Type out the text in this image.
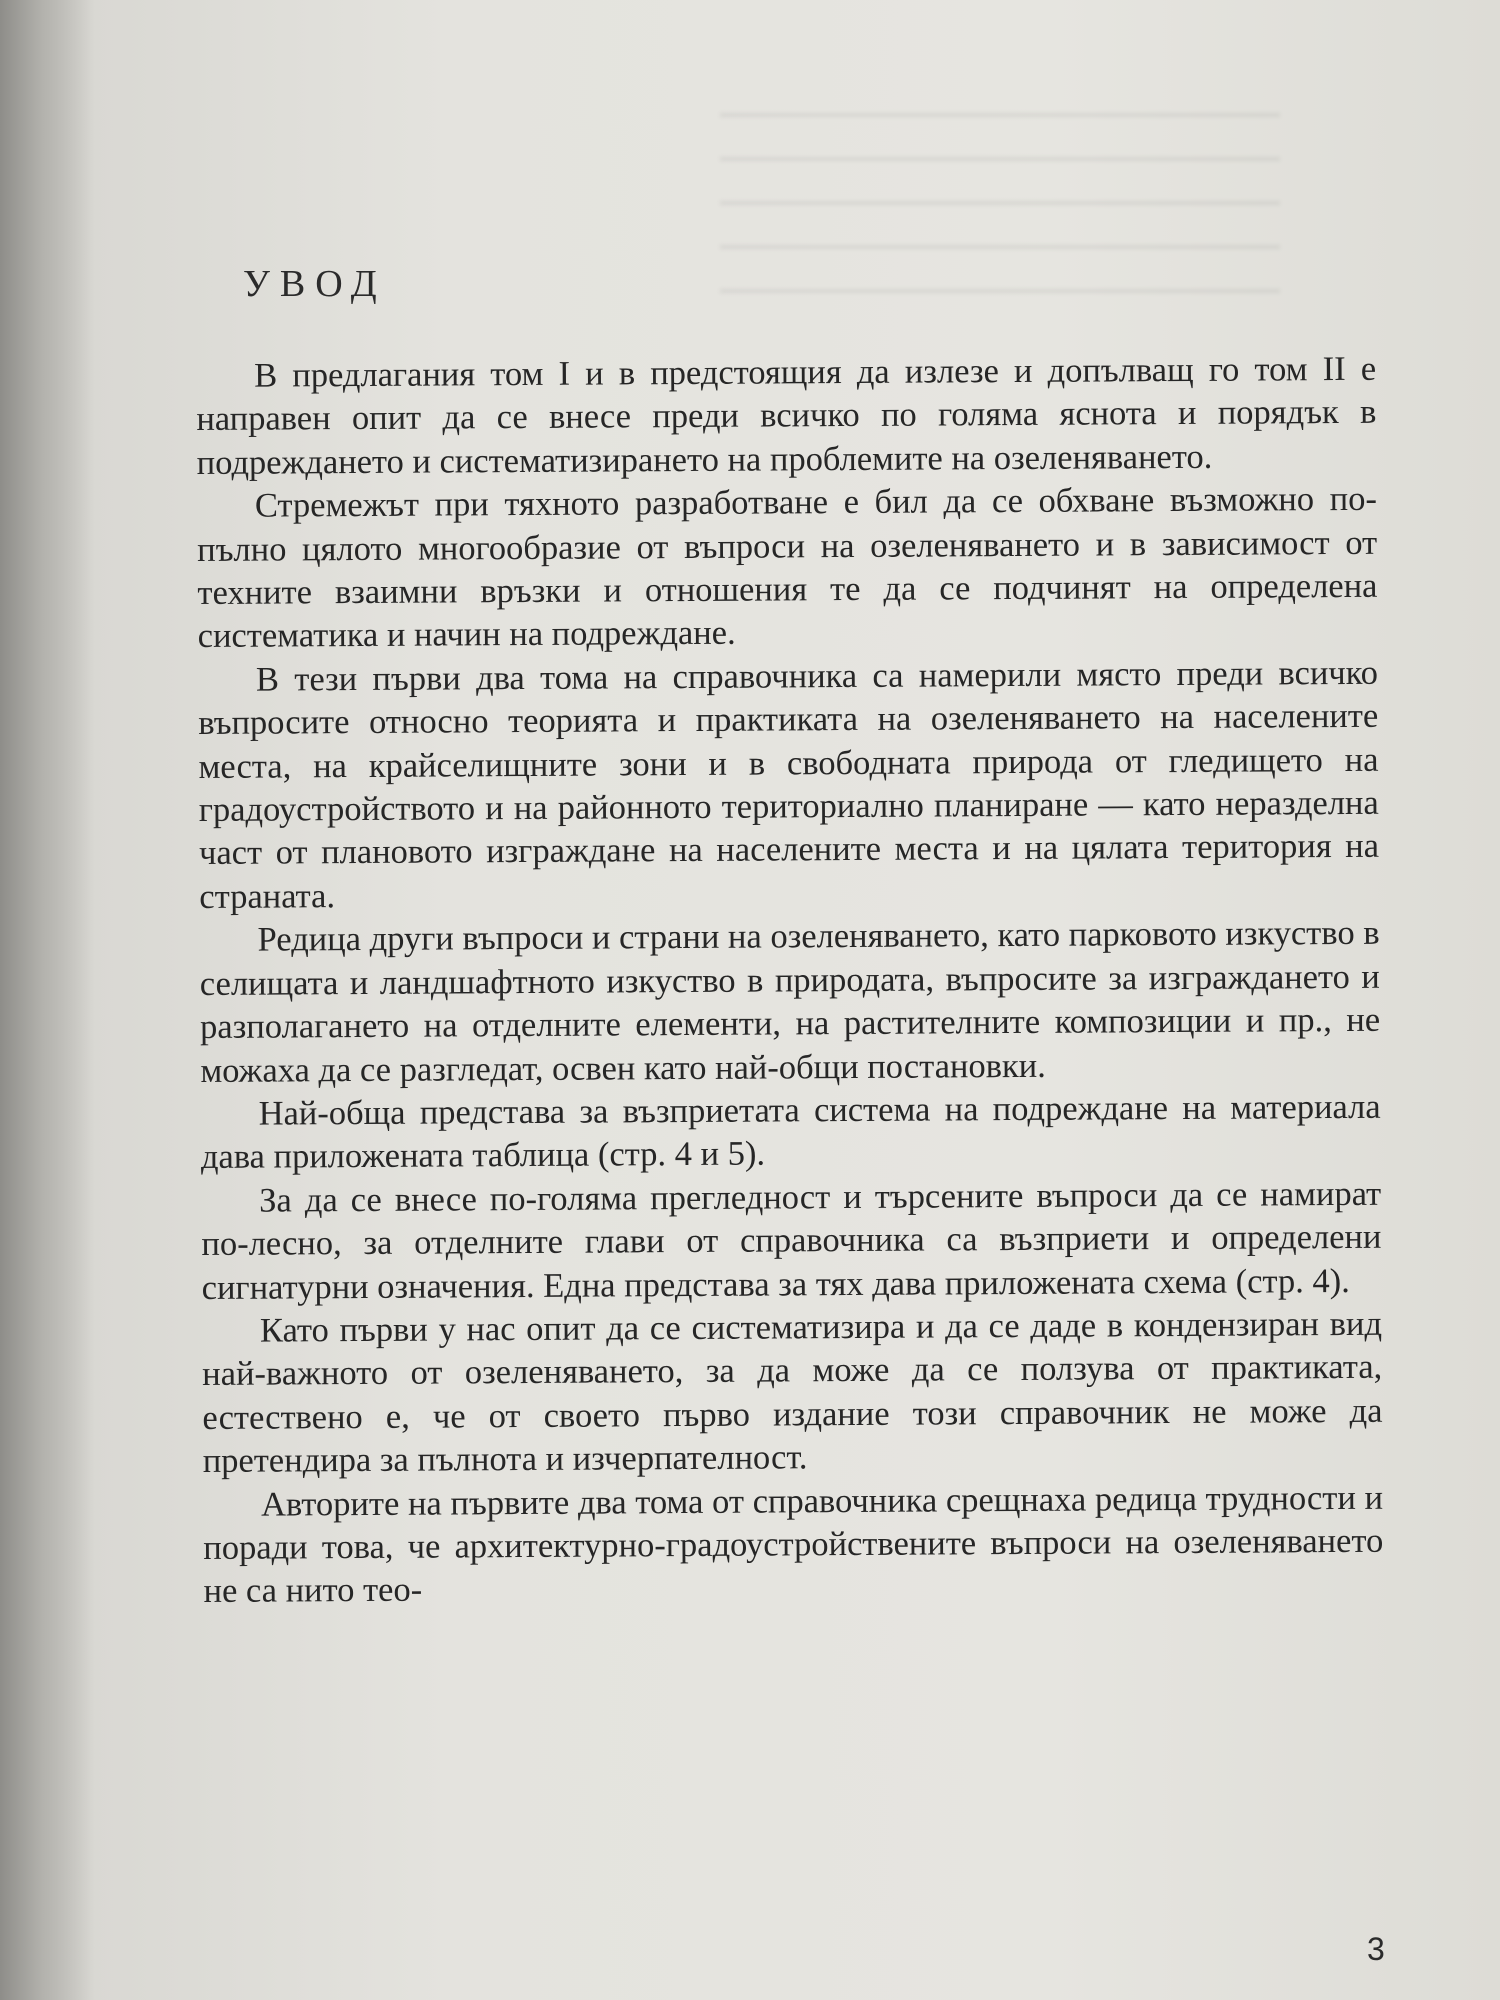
УВОД

В предлагания том I и в предстоящия да излезе и допълващ го том II е направен опит да се внесе преди всичко по голяма яснота и порядък в подреждането и систематизирането на проблемите на озеленяването.

Стремежът при тяхното разработване е бил да се обхване възможно по-пълно цялото многообразие от въпроси на озеленяването и в зависимост от техните взаимни връзки и отношения те да се подчинят на определена систематика и начин на подреждане.

В тези първи два тома на справочника са намерили място преди всичко въпросите относно теорията и практиката на озеленяването на населените места, на крайселищните зони и в свободната природа от гледището на градоустройството и на районното териториално планиране — като неразделна част от плановото изграждане на населените места и на цялата територия на страната.

Редица други въпроси и страни на озеленяването, като парковото изкуство в селищата и ландшафтното изкуство в природата, въпросите за изграждането и разполагането на отделните елементи, на растителните композиции и пр., не можаха да се разгледат, освен като най-общи постановки.

Най-обща представа за възприетата система на подреждане на материала дава приложената таблица (стр. 4 и 5).

За да се внесе по-голяма прегледност и търсените въпроси да се намират по-лесно, за отделните глави от справочника са възприети и определени сигнатурни означения. Една представа за тях дава приложената схема (стр. 4).

Като първи у нас опит да се систематизира и да се даде в кондензиран вид най-важното от озеленяването, за да може да се ползува от практиката, естествено е, че от своето първо издание този справочник не може да претендира за пълнота и изчерпателност.

Авторите на първите два тома от справочника срещнаха редица трудности и поради това, че архитектурно-градоустройствените въпроси на озеленяването не са нито тео-

3
